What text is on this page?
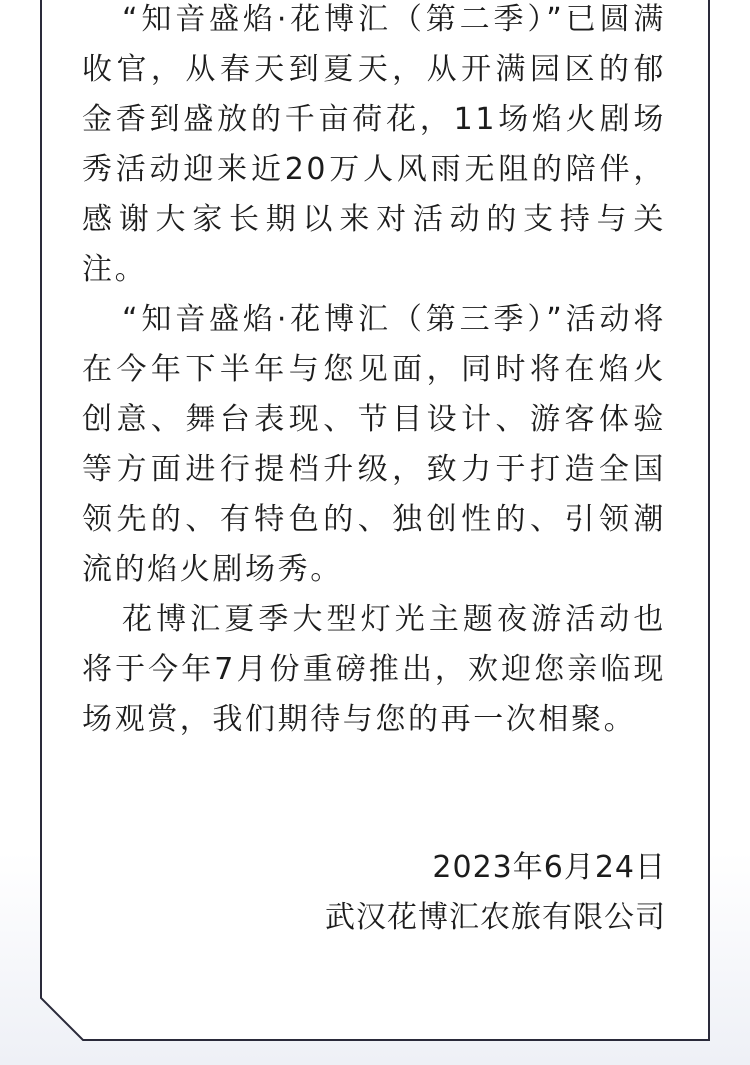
“知音盛焰·花博汇（第二季）”已圆满收官，从春天到夏天，从开满园区的郁金香到盛放的千亩荷花，11场焰火剧场秀活动迎来近20万人风雨无阻的陪伴，感谢大家长期以来对活动的支持与关注。

“知音盛焰·花博汇（第三季）”活动将在今年下半年与您见面，同时将在焰火创意、舞台表现、节目设计、游客体验等方面进行提档升级，致力于打造全国领先的、有特色的、独创性的、引领潮流的焰火剧场秀。

花博汇夏季大型灯光主题夜游活动也将于今年7月份重磅推出，欢迎您亲临现场观赏，我们期待与您的再一次相聚。

2023年6月24日
武汉花博汇农旅有限公司
